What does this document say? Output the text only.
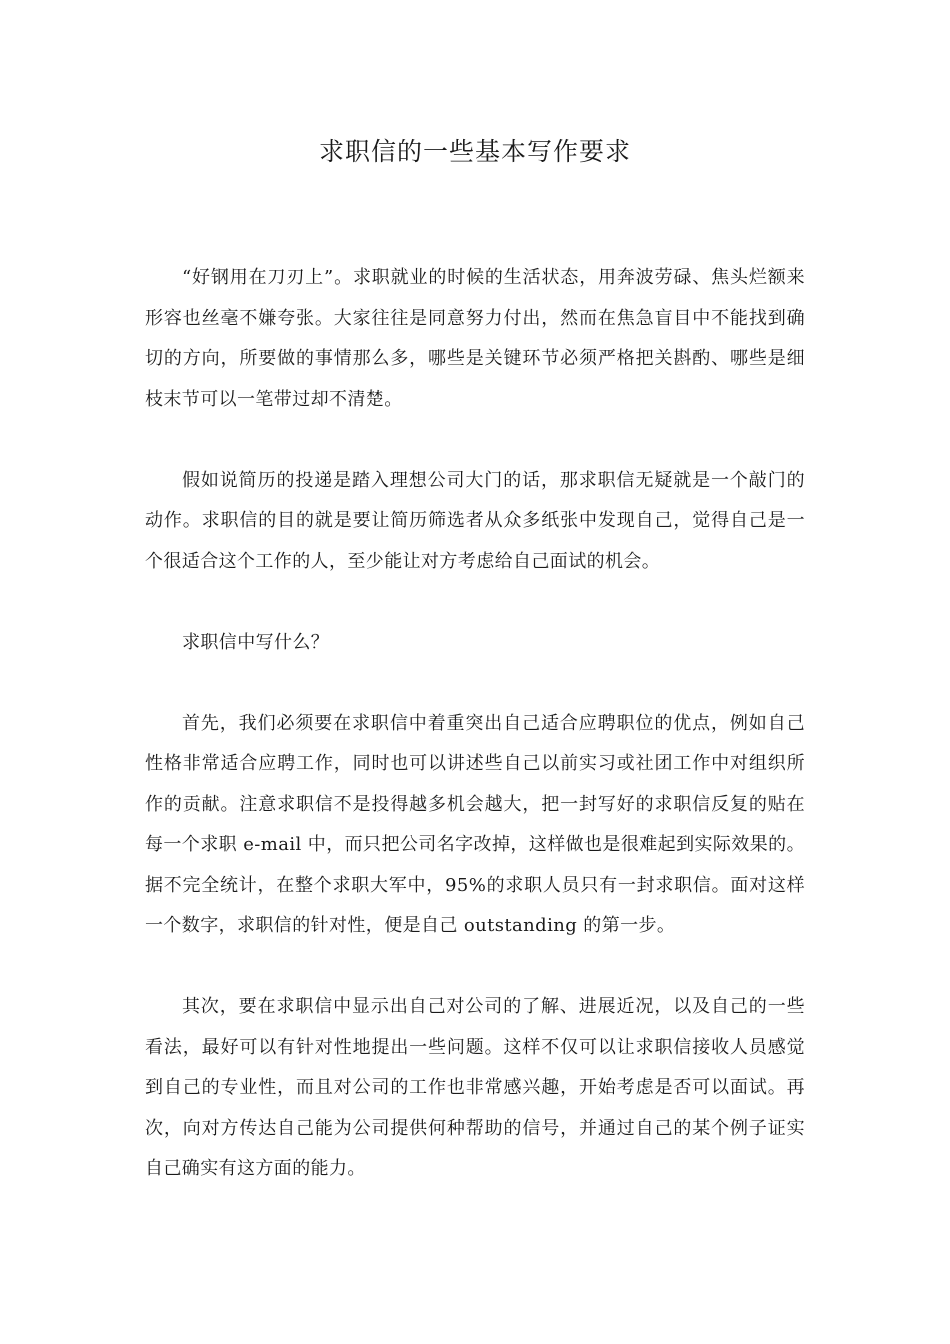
求职信的一些基本写作要求

“好钢用在刀刃上”。求职就业的时候的生活状态，用奔波劳碌、焦头烂额来形容也丝毫不嫌夸张。大家往往是同意努力付出，然而在焦急盲目中不能找到确切的方向，所要做的事情那么多，哪些是关键环节必须严格把关斟酌、哪些是细枝末节可以一笔带过却不清楚。

假如说简历的投递是踏入理想公司大门的话，那求职信无疑就是一个敲门的动作。求职信的目的就是要让简历筛选者从众多纸张中发现自己，觉得自己是一个很适合这个工作的人，至少能让对方考虑给自己面试的机会。

求职信中写什么？

首先，我们必须要在求职信中着重突出自己适合应聘职位的优点，例如自己性格非常适合应聘工作，同时也可以讲述些自己以前实习或社团工作中对组织所作的贡献。注意求职信不是投得越多机会越大，把一封写好的求职信反复的贴在每一个求职 e-mail 中，而只把公司名字改掉，这样做也是很难起到实际效果的。据不完全统计，在整个求职大军中，95%的求职人员只有一封求职信。面对这样一个数字，求职信的针对性，便是自己 outstanding 的第一步。

其次，要在求职信中显示出自己对公司的了解、进展近况，以及自己的一些看法，最好可以有针对性地提出一些问题。这样不仅可以让求职信接收人员感觉到自己的专业性，而且对公司的工作也非常感兴趣，开始考虑是否可以面试。再次，向对方传达自己能为公司提供何种帮助的信号，并通过自己的某个例子证实自己确实有这方面的能力。
